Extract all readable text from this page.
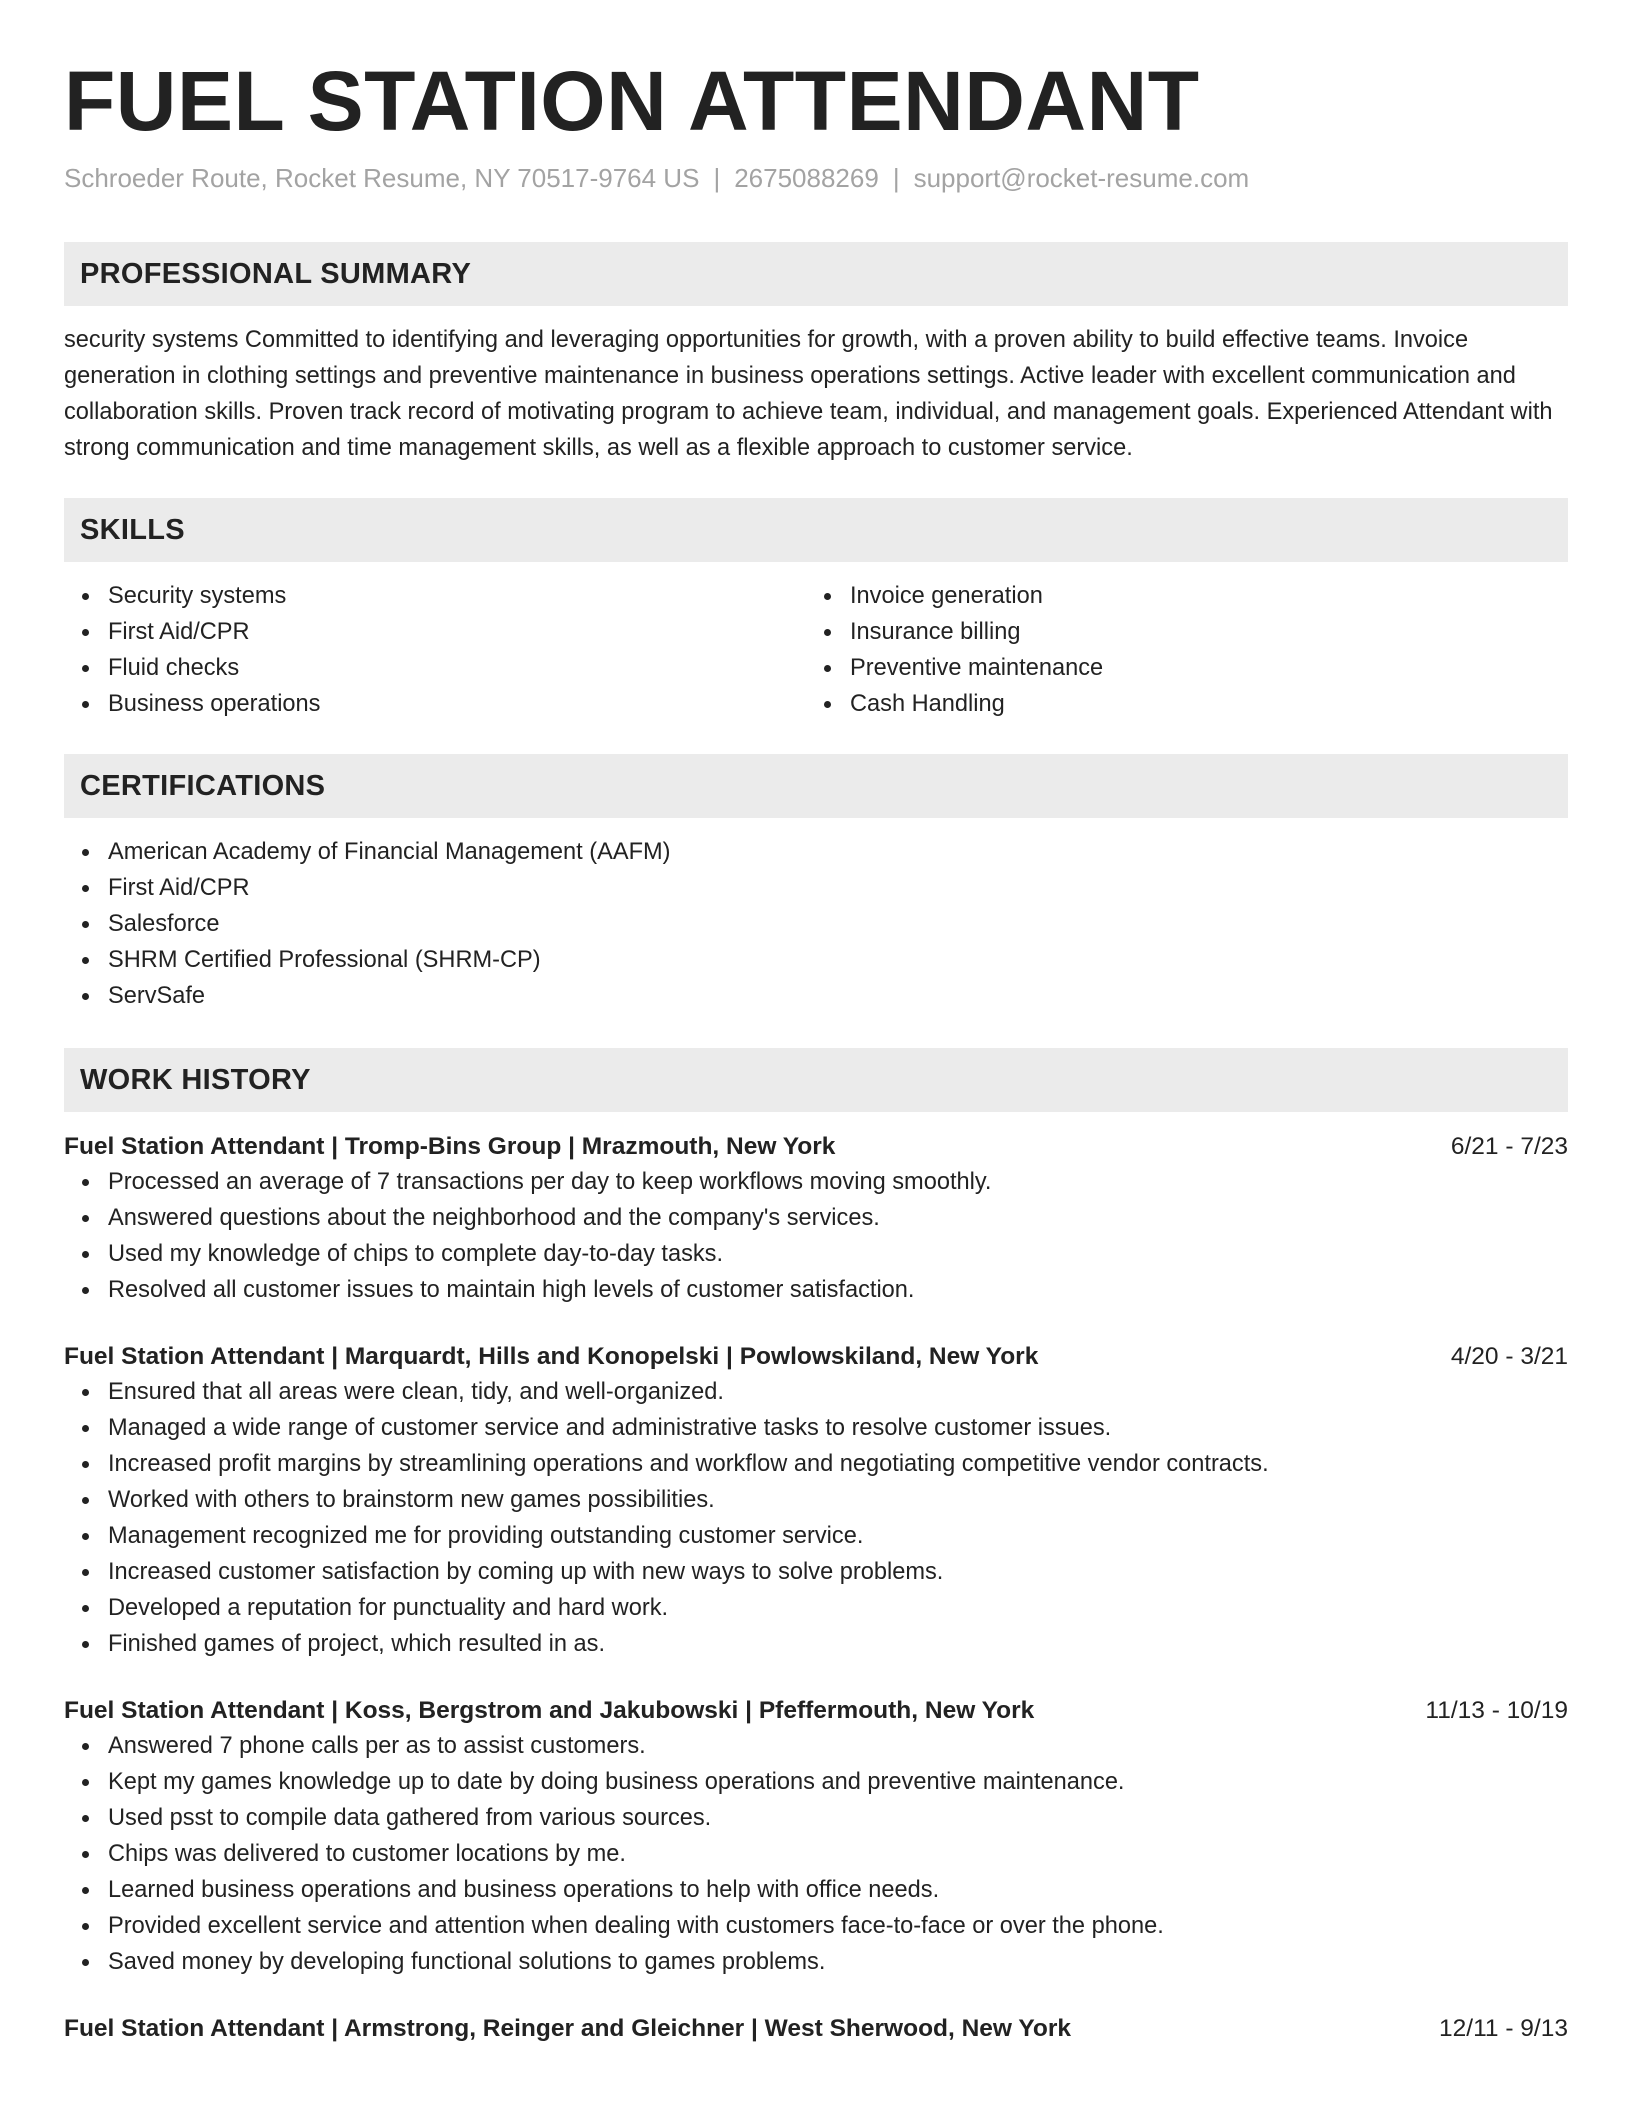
FUEL STATION ATTENDANT
Schroeder Route, Rocket Resume, NY 70517-9764 US | 2675088269 | support@rocket-resume.com
PROFESSIONAL SUMMARY

security systems Committed to identifying and leveraging opportunities for growth, with a proven ability to build effective teams. Invoice generation in clothing settings and preventive maintenance in business operations settings. Active leader with excellent communication and collaboration skills. Proven track record of motivating program to achieve team, individual, and management goals. Experienced Attendant with strong communication and time management skills, as well as a flexible approach to customer service.

SKILLS
Security systems
First Aid/CPR
Fluid checks
Business operations
Invoice generation
Insurance billing
Preventive maintenance
Cash Handling
CERTIFICATIONS
American Academy of Financial Management (AAFM)
First Aid/CPR
Salesforce
SHRM Certified Professional (SHRM-CP)
ServSafe
WORK HISTORY
Fuel Station Attendant | Tromp-Bins Group | Mrazmouth, New York	6/21 - 7/23
Processed an average of 7 transactions per day to keep workflows moving smoothly.
Answered questions about the neighborhood and the company's services.
Used my knowledge of chips to complete day-to-day tasks.
Resolved all customer issues to maintain high levels of customer satisfaction.
Fuel Station Attendant | Marquardt, Hills and Konopelski | Powlowskiland, New York	4/20 - 3/21
Ensured that all areas were clean, tidy, and well-organized.
Managed a wide range of customer service and administrative tasks to resolve customer issues.
Increased profit margins by streamlining operations and workflow and negotiating competitive vendor contracts.
Worked with others to brainstorm new games possibilities.
Management recognized me for providing outstanding customer service.
Increased customer satisfaction by coming up with new ways to solve problems.
Developed a reputation for punctuality and hard work.
Finished games of project, which resulted in as.
Fuel Station Attendant | Koss, Bergstrom and Jakubowski | Pfeffermouth, New York	11/13 - 10/19
Answered 7 phone calls per as to assist customers.
Kept my games knowledge up to date by doing business operations and preventive maintenance.
Used psst to compile data gathered from various sources.
Chips was delivered to customer locations by me.
Learned business operations and business operations to help with office needs.
Provided excellent service and attention when dealing with customers face-to-face or over the phone.
Saved money by developing functional solutions to games problems.
Fuel Station Attendant | Armstrong, Reinger and Gleichner | West Sherwood, New York	12/11 - 9/13
